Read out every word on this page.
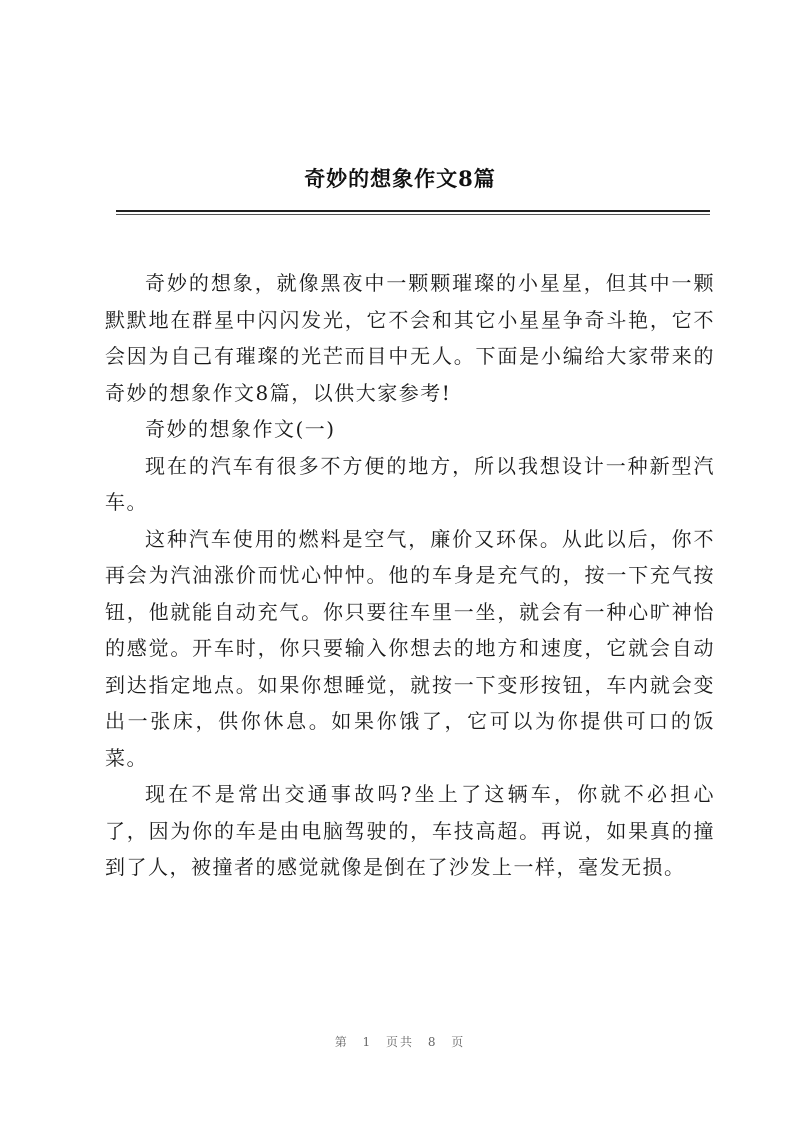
奇妙的想象作文8篇

奇妙的想象，就像黑夜中一颗颗璀璨的小星星，但其中一颗默默地在群星中闪闪发光，它不会和其它小星星争奇斗艳，它不会因为自己有璀璨的光芒而目中无人。下面是小编给大家带来的奇妙的想象作文8篇，以供大家参考!

奇妙的想象作文(一)

现在的汽车有很多不方便的地方，所以我想设计一种新型汽车。

这种汽车使用的燃料是空气，廉价又环保。从此以后，你不再会为汽油涨价而忧心忡忡。他的车身是充气的，按一下充气按钮，他就能自动充气。你只要往车里一坐，就会有一种心旷神怡的感觉。开车时，你只要输入你想去的地方和速度，它就会自动到达指定地点。如果你想睡觉，就按一下变形按钮，车内就会变出一张床，供你休息。如果你饿了，它可以为你提供可口的饭菜。

现在不是常出交通事故吗?坐上了这辆车，你就不必担心了，因为你的车是由电脑驾驶的，车技高超。再说，如果真的撞到了人，被撞者的感觉就像是倒在了沙发上一样，毫发无损。

第 1 页共 8 页
